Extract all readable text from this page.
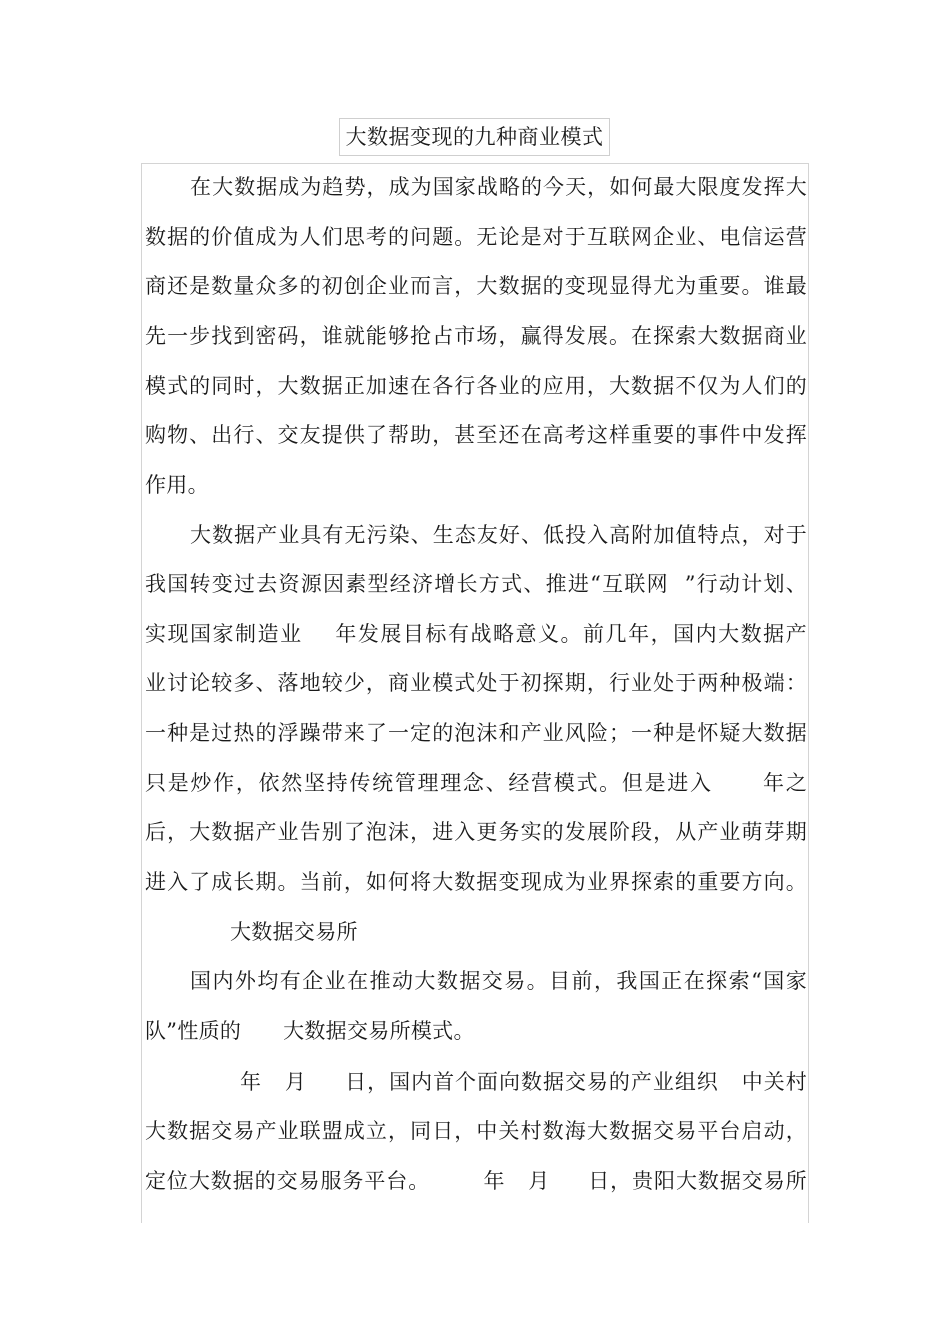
大数据变现的九种商业模式
在大数据成为趋势，成为国家战略的今天，如何最大限度发挥大
数据的价值成为人们思考的问题。无论是对于互联网企业、电信运营
商还是数量众多的初创企业而言，大数据的变现显得尤为重要。谁最
先一步找到密码，谁就能够抢占市场，赢得发展。在探索大数据商业
模式的同时，大数据正加速在各行各业的应用，大数据不仅为人们的
购物、出行、交友提供了帮助，甚至还在高考这样重要的事件中发挥
作用。
大数据产业具有无污染、生态友好、低投入高附加值特点，对于
我国转变过去资源因素型经济增长方式、推进“互联网  ”行动计划、
实现国家制造业    年发展目标有战略意义。前几年，国内大数据产
业讨论较多、落地较少，商业模式处于初探期，行业处于两种极端：
一种是过热的浮躁带来了一定的泡沫和产业风险；一种是怀疑大数据
只是炒作，依然坚持传统管理理念、经营模式。但是进入      年之
后，大数据产业告别了泡沫，进入更务实的发展阶段，从产业萌芽期
进入了成长期。当前，如何将大数据变现成为业界探索的重要方向。
大数据交易所
国内外均有企业在推动大数据交易。目前，我国正在探索“国家
队”性质的      大数据交易所模式。
年   月     日，国内首个面向数据交易的产业组织   中关村
大数据交易产业联盟成立，同日，中关村数海大数据交易平台启动，
定位大数据的交易服务平台。       年   月     日，贵阳大数据交易所
